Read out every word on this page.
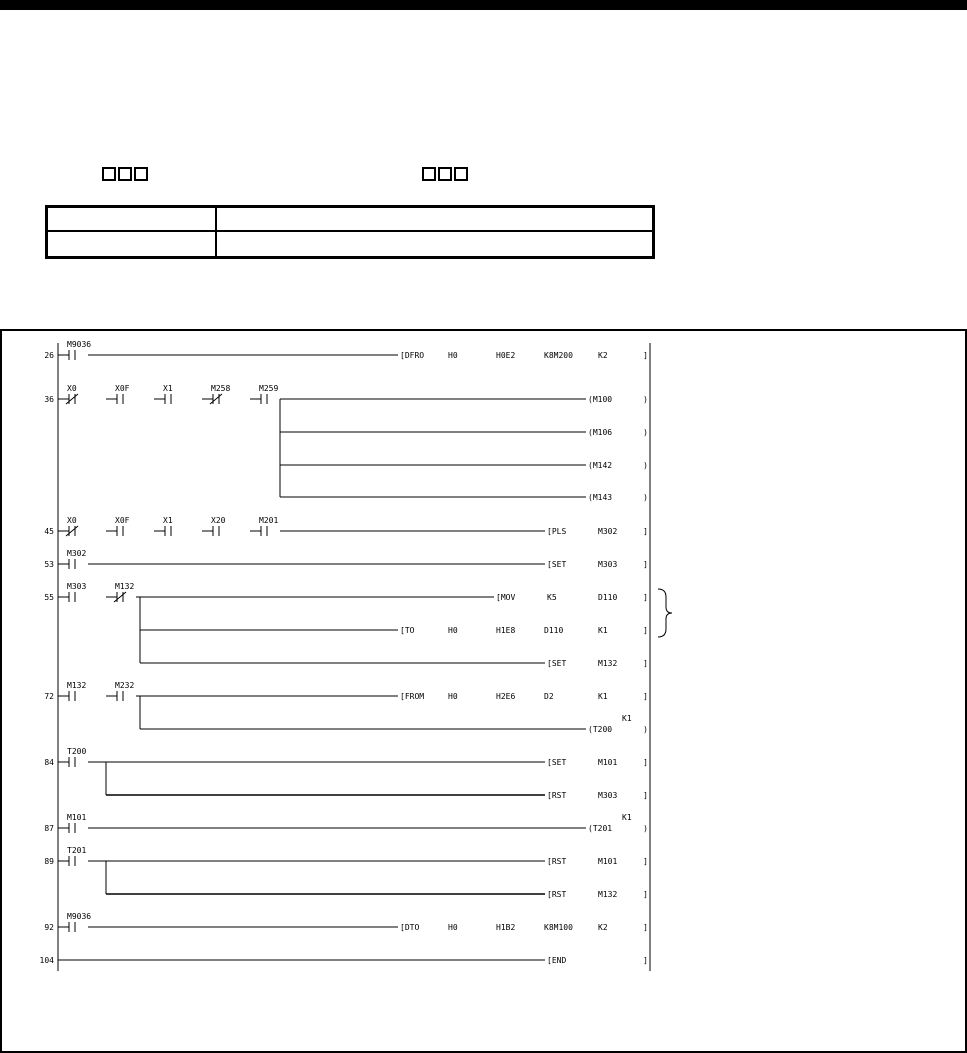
26
M9036
[DFRO	H0	H0E2	K8M200	K2	]
36
X0	X0F	X1	M258	M259
(M100	)
(M106	)
(M142	)
(M143	)
45
X0	X0F	X1	X20	M201
[PLS	M302	]
53
M302
[SET	M303	]
55
M303	M132
[MOV	K5	D110	]
[TO	H0	H1E8	D110	K1	]
[SET	M132	]
72
M132	M232
[FROM	H0	H2E6	D2	K1	]
(T200	)
K1
84
T200
[SET	M101	]
[RST	M303	]
87
M101
(T201	)
K1
89
T201
[RST	M101	]
[RST	M132	]
92
M9036
[DTO	H0	H1B2	K8M100	K2	]
104	[END	]
